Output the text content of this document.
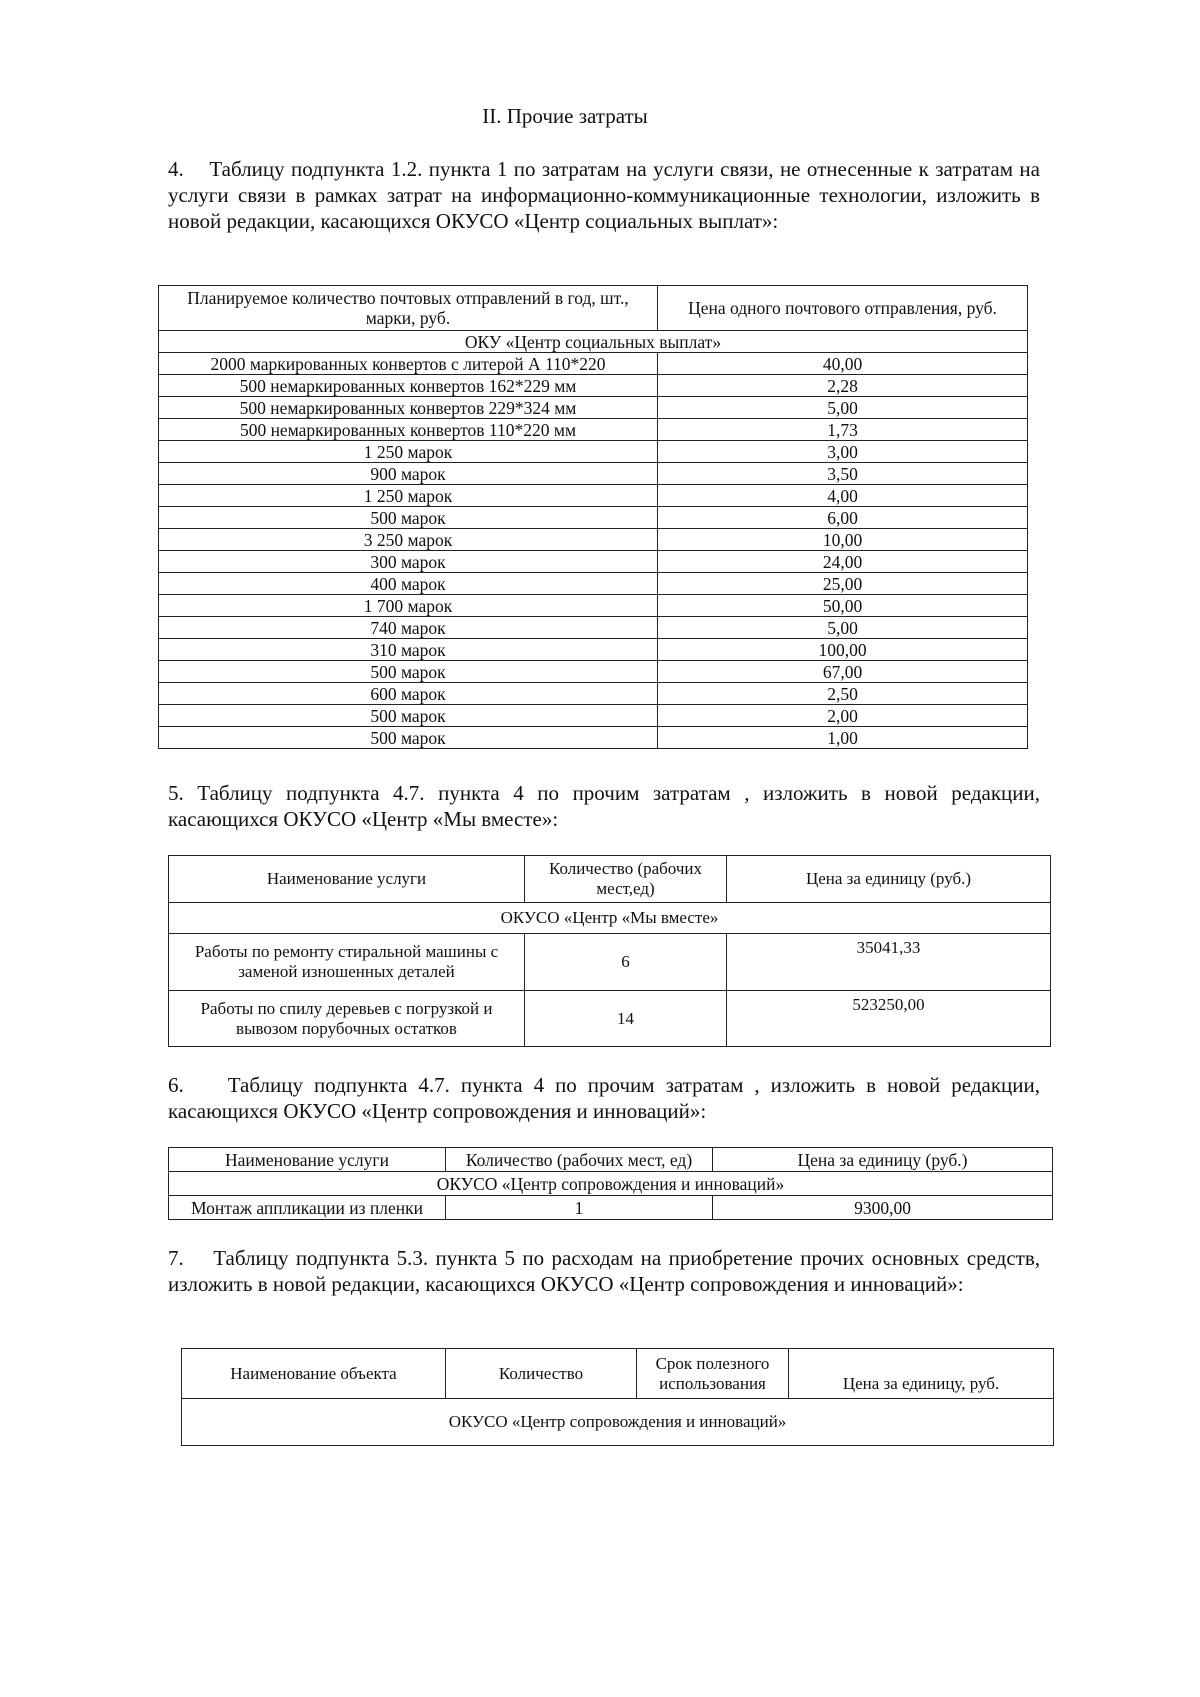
II. Прочие затраты
4.    Таблицу подпункта 1.2. пункта 1 по затратам на услуги связи, не отнесенные к затратам на услуги связи в рамках затрат на информационно-коммуникационные технологии, изложить в новой редакции, касающихся ОКУСО «Центр социальных выплат»:
Планируемое количество почтовых отправлений в год, шт., марки, руб.	Цена одного почтового отправления, руб.
ОКУ «Центр социальных выплат»	
2000 маркированных конвертов с литерой А 110*220	40,00
500 немаркированных конвертов 162*229 мм	2,28
500 немаркированных конвертов 229*324 мм	5,00
500 немаркированных конвертов 110*220 мм	1,73
1 250 марок	3,00
900 марок	3,50
1 250 марок	4,00
500 марок	6,00
3 250 марок	10,00
300 марок	24,00
400 марок	25,00
1 700 марок	50,00
740 марок	5,00
310 марок	100,00
500 марок	67,00
600 марок	2,50
500 марок	2,00
500 марок	1,00
5. Таблицу подпункта 4.7. пункта 4 по прочим затратам , изложить в новой редакции, касающихся ОКУСО «Центр «Мы вместе»:
Наименование услуги	Количество (рабочих мест,ед)	Цена за единицу (руб.)
ОКУСО «Центр «Мы вместе»		
Работы по ремонту стиральной машины с заменой изношенных деталей	6	35041,33
Работы по спилу деревьев с погрузкой и вывозом порубочных остатков	14	523250,00
6.    Таблицу подпункта 4.7. пункта 4 по прочим затратам , изложить в новой редакции, касающихся ОКУСО «Центр сопровождения и инноваций»:
Наименование услуги	Количество (рабочих мест, ед)	Цена за единицу (руб.)
ОКУСО «Центр сопровождения и инноваций»		
Монтаж аппликации из пленки	1	9300,00
7.    Таблицу подпункта 5.3. пункта 5 по расходам на приобретение прочих основных средств, изложить в новой редакции, касающихся ОКУСО «Центр сопровождения и инноваций»:
Наименование объекта	Количество	Срок полезного использования	Цена за единицу, руб.
ОКУСО «Центр сопровождения и инноваций»
